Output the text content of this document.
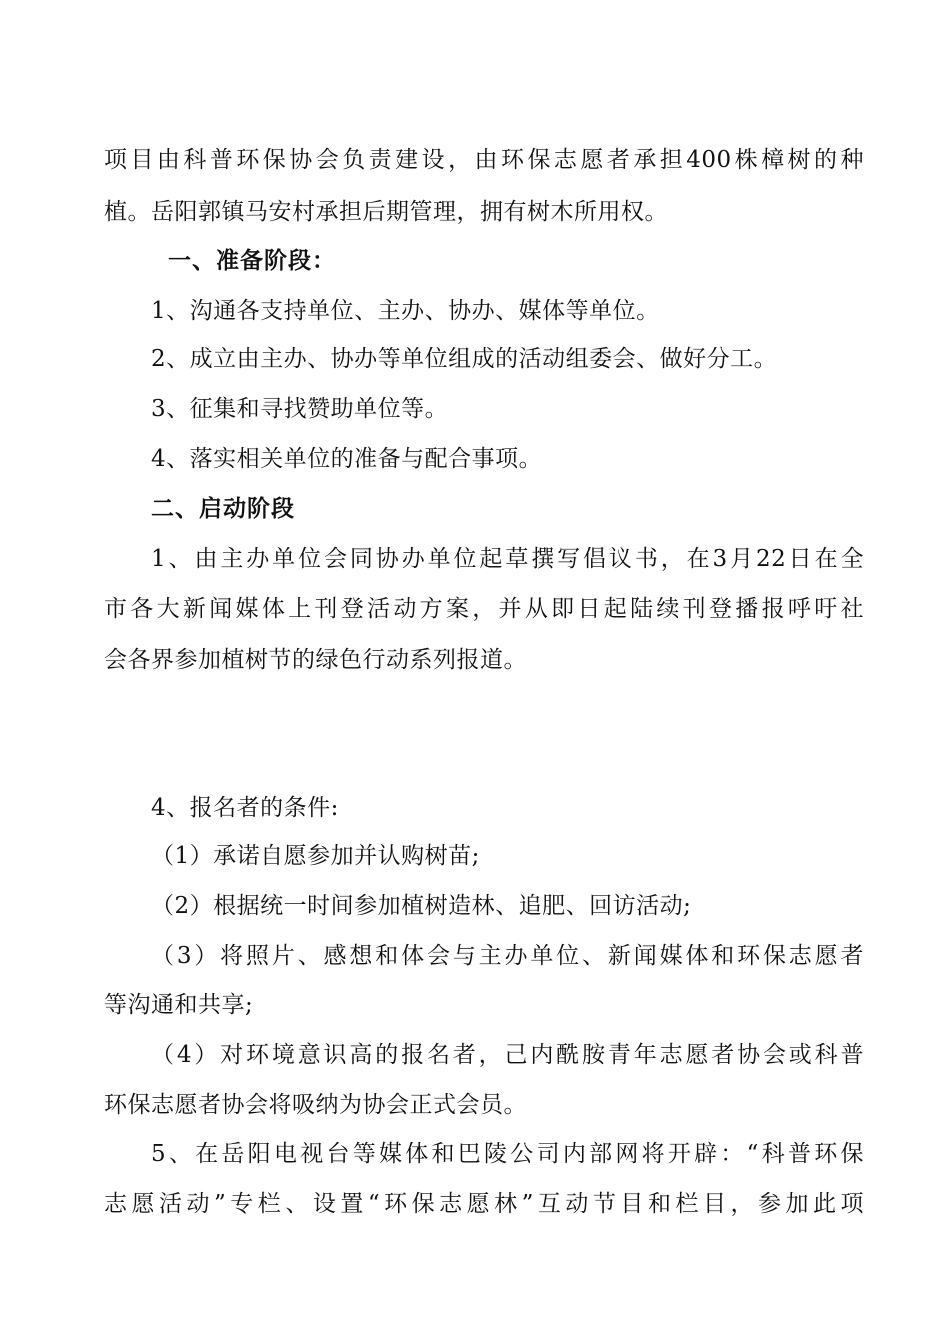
项目由科普环保协会负责建设，由环保志愿者承担400株樟树的种
植。岳阳郭镇马安村承担后期管理，拥有树木所用权。
一、准备阶段：
1、沟通各支持单位、主办、协办、媒体等单位。
2、成立由主办、协办等单位组成的活动组委会、做好分工。
3、征集和寻找赞助单位等。
4、落实相关单位的准备与配合事项。
二、启动阶段
1、由主办单位会同协办单位起草撰写倡议书，在3月22日在全
市各大新闻媒体上刊登活动方案，并从即日起陆续刊登播报呼吁社
会各界参加植树节的绿色行动系列报道。
4、报名者的条件:
（1）承诺自愿参加并认购树苗;
（2）根据统一时间参加植树造林、追肥、回访活动;
（3）将照片、感想和体会与主办单位、新闻媒体和环保志愿者
等沟通和共享;
（4）对环境意识高的报名者，己内酰胺青年志愿者协会或科普
环保志愿者协会将吸纳为协会正式会员。
5、在岳阳电视台等媒体和巴陵公司内部网将开辟：“科普环保
志愿活动”专栏、设置“环保志愿林”互动节目和栏目，参加此项
